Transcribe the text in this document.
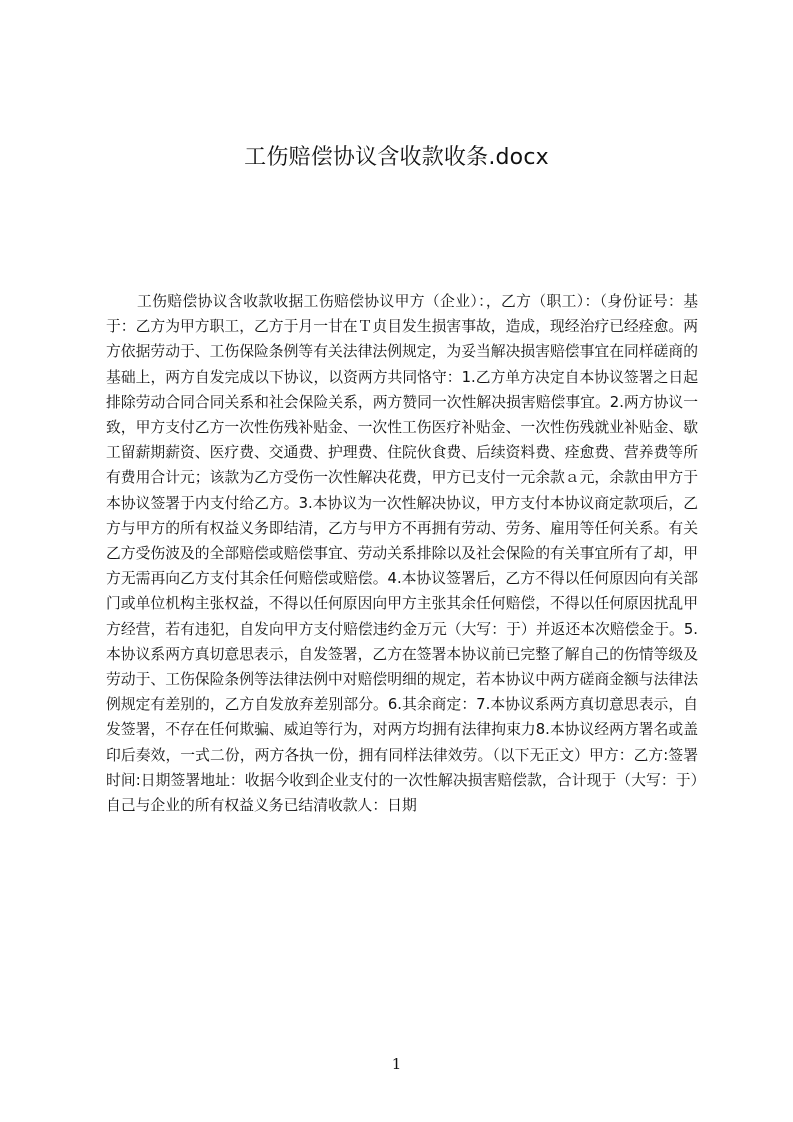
工伤赔偿协议含收款收条.docx
工伤赔偿协议含收款收据工伤赔偿协议甲方（企业）：，乙方（职工）：（身份证号：基于：乙方为甲方职工，乙方于月一甘在Ｔ贞目发生损害事故，造成，现经治疗已经痊愈。两方依据劳动于、工伤保险条例等有关法律法例规定，为妥当解决损害赔偿事宜在同样磋商的基础上，两方自发完成以下协议，以资两方共同恪守：1.乙方单方决定自本协议签署之日起排除劳动合同合同关系和社会保险关系，两方赞同一次性解决损害赔偿事宜。2.两方协议一致，甲方支付乙方一次性伤残补贴金、一次性工伤医疗补贴金、一次性伤残就业补贴金、歇工留薪期薪资、医疗费、交通费、护理费、住院伙食费、后续资料费、痊愈费、营养费等所有费用合计元；该款为乙方受伤一次性解决花费，甲方已支付一元余款ａ元，余款由甲方于本协议签署于内支付给乙方。3.本协议为一次性解决协议，甲方支付本协议商定款项后，乙方与甲方的所有权益义务即结清，乙方与甲方不再拥有劳动、劳务、雇用等任何关系。有关乙方受伤波及的全部赔偿或赔偿事宜、劳动关系排除以及社会保险的有关事宜所有了却，甲方无需再向乙方支付其余任何赔偿或赔偿。4.本协议签署后，乙方不得以任何原因向有关部门或单位机构主张权益，不得以任何原因向甲方主张其余任何赔偿，不得以任何原因扰乱甲方经营，若有违犯，自发向甲方支付赔偿违约金万元（大写：于）并返还本次赔偿金于。5.本协议系两方真切意思表示，自发签署，乙方在签署本协议前已完整了解自己的伤情等级及劳动于、工伤保险条例等法律法例中对赔偿明细的规定，若本协议中两方磋商金额与法律法例规定有差别的，乙方自发放弃差别部分。6.其余商定：7.本协议系两方真切意思表示，自发签署，不存在任何欺骗、威迫等行为，对两方均拥有法律拘束力8.本协议经两方署名或盖印后奏效，一式二份，两方各执一份，拥有同样法律效劳。（以下无正文）甲方：乙方:签署时间:日期签署地址：收据今收到企业支付的一次性解决损害赔偿款，合计现于（大写：于）自己与企业的所有权益义务已结清收款人：日期
1
